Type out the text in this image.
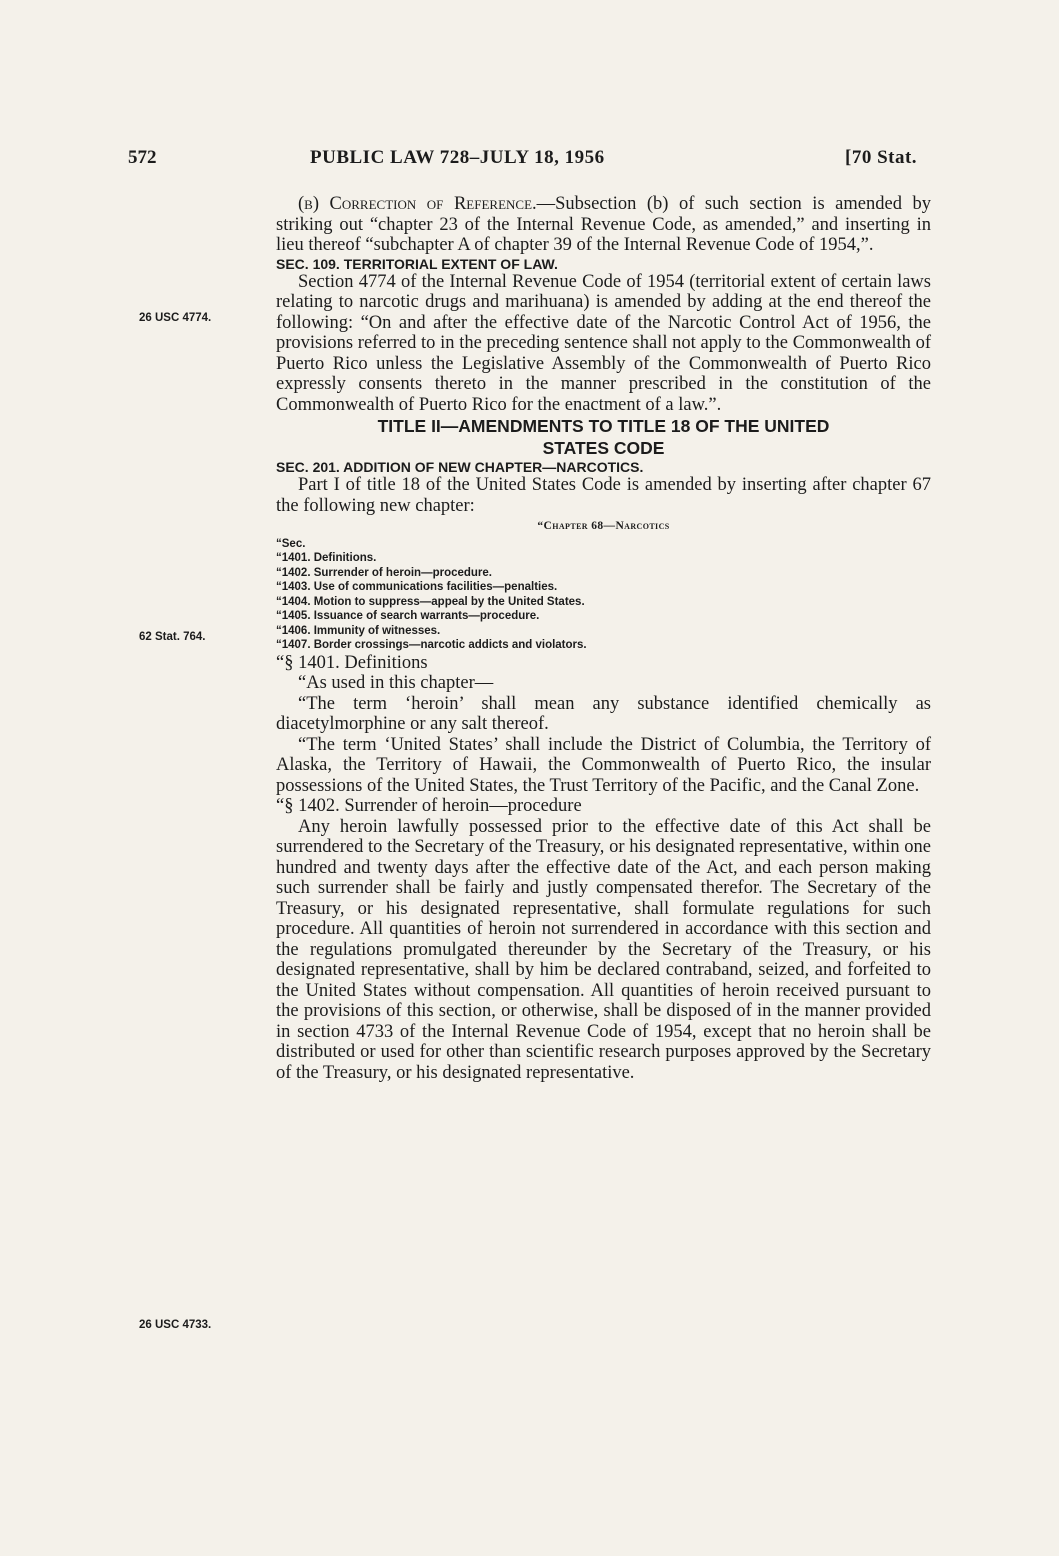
572	PUBLIC LAW 728–JULY 18, 1956	[70 Stat.
26 USC 4774.
62 Stat. 764.
26 USC 4733.

(b) Correction of Reference.—Subsection (b) of such section is amended by striking out “chapter 23 of the Internal Revenue Code, as amended,” and inserting in lieu thereof “subchapter A of chapter 39 of the Internal Revenue Code of 1954,”.

SEC. 109. TERRITORIAL EXTENT OF LAW.

Section 4774 of the Internal Revenue Code of 1954 (territorial extent of certain laws relating to narcotic drugs and marihuana) is amended by adding at the end thereof the following: “On and after the effective date of the Narcotic Control Act of 1956, the provisions referred to in the preceding sentence shall not apply to the Commonwealth of Puerto Rico unless the Legislative Assembly of the Commonwealth of Puerto Rico expressly consents thereto in the manner prescribed in the constitution of the Commonwealth of Puerto Rico for the enactment of a law.”.

TITLE II—AMENDMENTS TO TITLE 18 OF THE UNITED
STATES CODE

SEC. 201. ADDITION OF NEW CHAPTER—NARCOTICS.

Part I of title 18 of the United States Code is amended by inserting after chapter 67 the following new chapter:

“Chapter 68—Narcotics

“Sec.
“1401. Definitions.
“1402. Surrender of heroin—procedure.
“1403. Use of communications facilities—penalties.
“1404. Motion to suppress—appeal by the United States.
“1405. Issuance of search warrants—procedure.
“1406. Immunity of witnesses.
“1407. Border crossings—narcotic addicts and violators.

“§ 1401. Definitions

“As used in this chapter—

“The term ‘heroin’ shall mean any substance identified chemically as diacetylmorphine or any salt thereof.

“The term ‘United States’ shall include the District of Columbia, the Territory of Alaska, the Territory of Hawaii, the Commonwealth of Puerto Rico, the insular possessions of the United States, the Trust Territory of the Pacific, and the Canal Zone.

“§ 1402. Surrender of heroin—procedure

Any heroin lawfully possessed prior to the effective date of this Act shall be surrendered to the Secretary of the Treasury, or his designated representative, within one hundred and twenty days after the effective date of the Act, and each person making such surrender shall be fairly and justly compensated therefor. The Secretary of the Treasury, or his designated representative, shall formulate regulations for such procedure. All quantities of heroin not surrendered in accordance with this section and the regulations promulgated thereunder by the Secretary of the Treasury, or his designated representative, shall by him be declared contraband, seized, and forfeited to the United States without compensation. All quantities of heroin received pursuant to the provisions of this section, or otherwise, shall be disposed of in the manner provided in section 4733 of the Internal Revenue Code of 1954, except that no heroin shall be distributed or used for other than scientific research purposes approved by the Secretary of the Treasury, or his designated representative.
